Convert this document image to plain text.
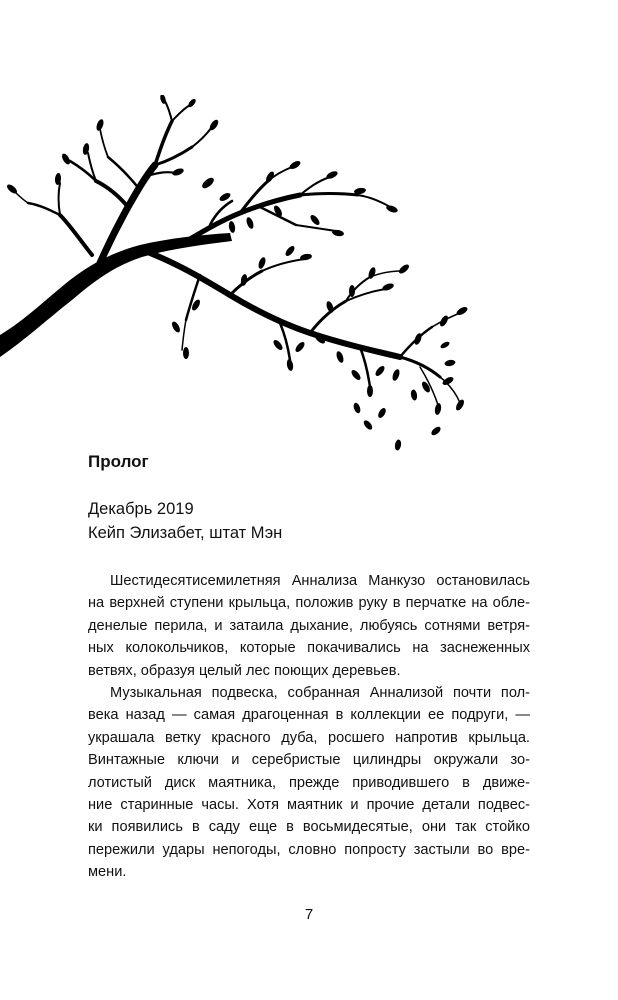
Пролог
Декабрь 2019
Кейп Элизабет, штат Мэн
Шестидесятисемилетняя Аннализа Манкузо остановилась
на верхней ступени крыльца, положив руку в перчатке на обле-
денелые перила, и затаила дыхание, любуясь сотнями ветря-
ных колокольчиков, которые покачивались на заснеженных
ветвях, образуя целый лес поющих деревьев.
Музыкальная подвеска, собранная Аннализой почти пол-
века назад — самая драгоценная в коллекции ее подруги, —
украшала ветку красного дуба, росшего напротив крыльца.
Винтажные ключи и серебристые цилиндры окружали зо-
лотистый диск маятника, прежде приводившего в движе-
ние старинные часы. Хотя маятник и прочие детали подвес-
ки появились в саду еще в восьмидесятые, они так стойко
пережили удары непогоды, словно попросту застыли во вре-
мени.
7
